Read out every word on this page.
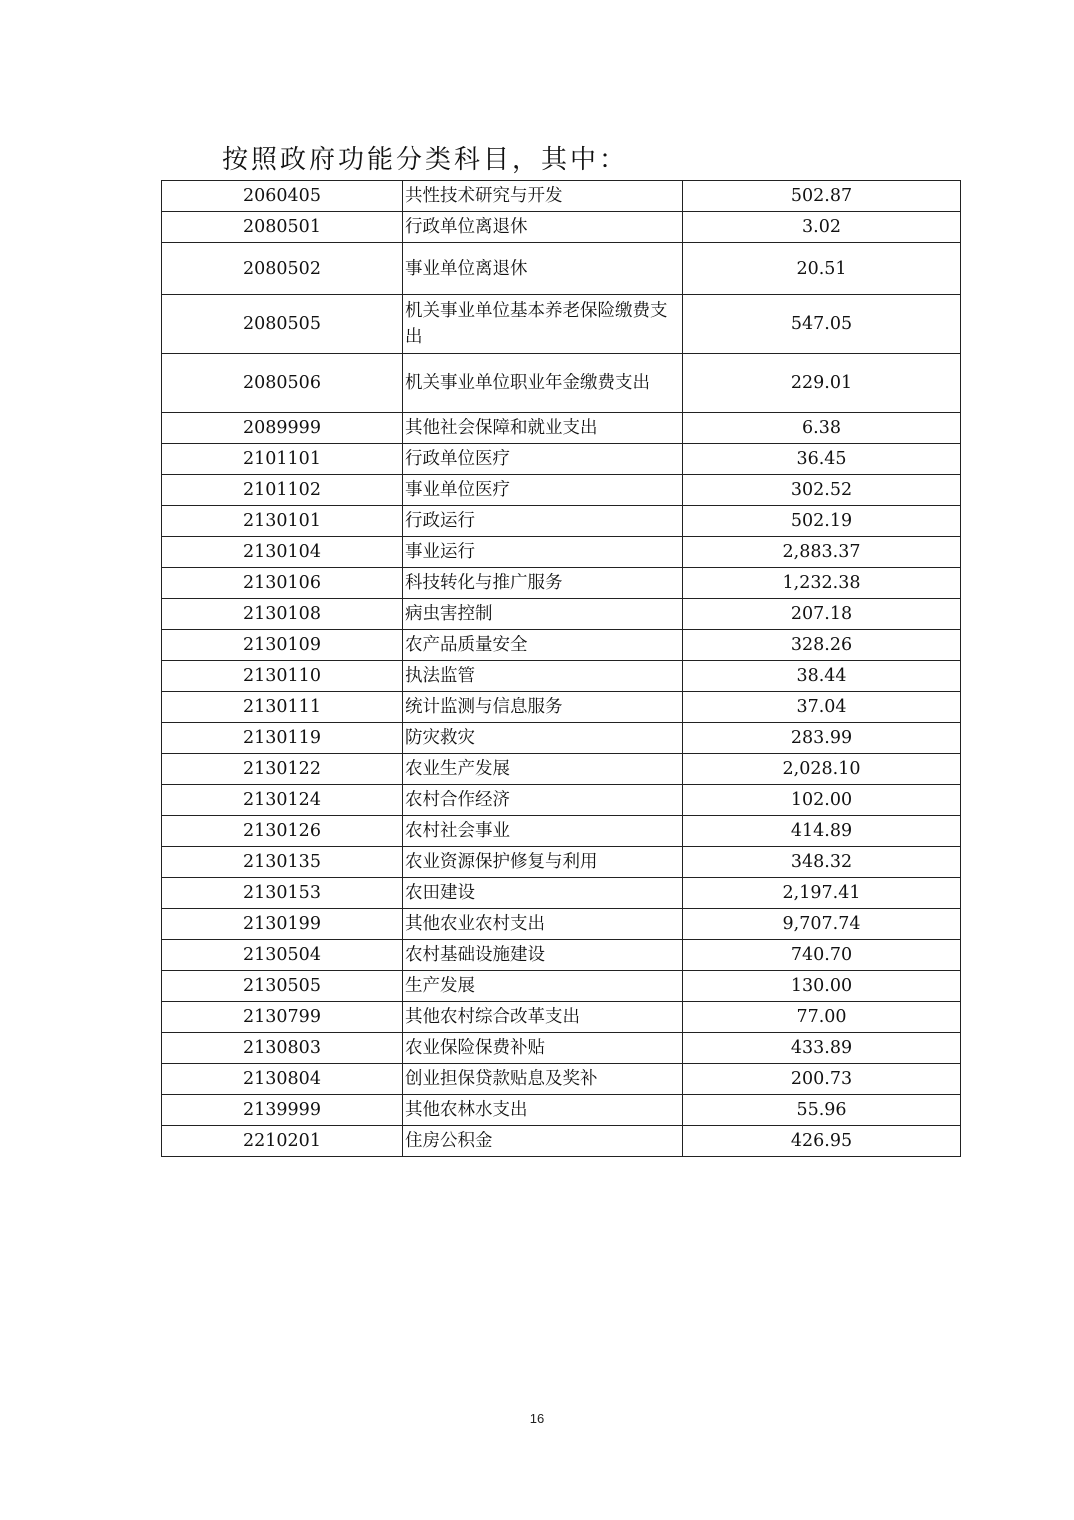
按照政府功能分类科目，其中：
2060405	共性技术研究与开发	502.87
2080501	行政单位离退休	3.02
2080502	事业单位离退休	20.51
2080505	机关事业单位基本养老保险缴费支出	547.05
2080506	机关事业单位职业年金缴费支出	229.01
2089999	其他社会保障和就业支出	6.38
2101101	行政单位医疗	36.45
2101102	事业单位医疗	302.52
2130101	行政运行	502.19
2130104	事业运行	2,883.37
2130106	科技转化与推广服务	1,232.38
2130108	病虫害控制	207.18
2130109	农产品质量安全	328.26
2130110	执法监管	38.44
2130111	统计监测与信息服务	37.04
2130119	防灾救灾	283.99
2130122	农业生产发展	2,028.10
2130124	农村合作经济	102.00
2130126	农村社会事业	414.89
2130135	农业资源保护修复与利用	348.32
2130153	农田建设	2,197.41
2130199	其他农业农村支出	9,707.74
2130504	农村基础设施建设	740.70
2130505	生产发展	130.00
2130799	其他农村综合改革支出	77.00
2130803	农业保险保费补贴	433.89
2130804	创业担保贷款贴息及奖补	200.73
2139999	其他农林水支出	55.96
2210201	住房公积金	426.95
16
